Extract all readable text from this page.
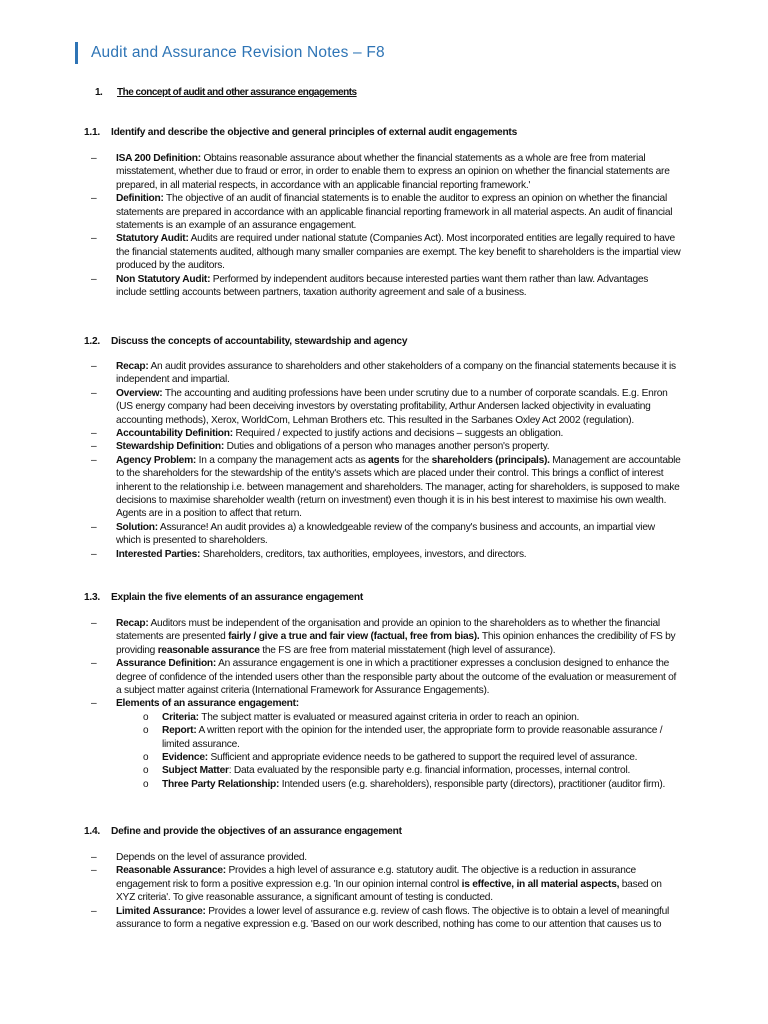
Audit and Assurance Revision Notes – F8
1. The concept of audit and other assurance engagements
1.1. Identify and describe the objective and general principles of external audit engagements
– ISA 200 Definition: Obtains reasonable assurance about whether the financial statements as a whole are free from material misstatement, whether due to fraud or error, in order to enable them to express an opinion on whether the financial statements are prepared, in all material respects, in accordance with an applicable financial reporting framework.'
– Definition: The objective of an audit of financial statements is to enable the auditor to express an opinion on whether the financial statements are prepared in accordance with an applicable financial reporting framework in all material aspects. An audit of financial statements is an example of an assurance engagement.
– Statutory Audit: Audits are required under national statute (Companies Act). Most incorporated entities are legally required to have the financial statements audited, although many smaller companies are exempt. The key benefit to shareholders is the impartial view produced by the auditors.
– Non Statutory Audit: Performed by independent auditors because interested parties want them rather than law. Advantages include settling accounts between partners, taxation authority agreement and sale of a business.
1.2. Discuss the concepts of accountability, stewardship and agency
– Recap: An audit provides assurance to shareholders and other stakeholders of a company on the financial statements because it is independent and impartial.
– Overview: The accounting and auditing professions have been under scrutiny due to a number of corporate scandals. E.g. Enron (US energy company had been deceiving investors by overstating profitability, Arthur Andersen lacked objectivity in evaluating accounting methods), Xerox, WorldCom, Lehman Brothers etc. This resulted in the Sarbanes Oxley Act 2002 (regulation).
– Accountability Definition: Required / expected to justify actions and decisions – suggests an obligation.
– Stewardship Definition: Duties and obligations of a person who manages another person's property.
– Agency Problem: In a company the management acts as agents for the shareholders (principals). Management are accountable to the shareholders for the stewardship of the entity's assets which are placed under their control. This brings a conflict of interest inherent to the relationship i.e. between management and shareholders. The manager, acting for shareholders, is supposed to make decisions to maximise shareholder wealth (return on investment) even though it is in his best interest to maximise his own wealth. Agents are in a position to affect that return.
– Solution: Assurance! An audit provides a) a knowledgeable review of the company's business and accounts, an impartial view which is presented to shareholders.
– Interested Parties: Shareholders, creditors, tax authorities, employees, investors, and directors.
1.3. Explain the five elements of an assurance engagement
– Recap: Auditors must be independent of the organisation and provide an opinion to the shareholders as to whether the financial statements are presented fairly / give a true and fair view (factual, free from bias). This opinion enhances the credibility of FS by providing reasonable assurance the FS are free from material misstatement (high level of assurance).
– Assurance Definition: An assurance engagement is one in which a practitioner expresses a conclusion designed to enhance the degree of confidence of the intended users other than the responsible party about the outcome of the evaluation or measurement of a subject matter against criteria (International Framework for Assurance Engagements).
– Elements of an assurance engagement:
o Criteria: The subject matter is evaluated or measured against criteria in order to reach an opinion.
o Report: A written report with the opinion for the intended user, the appropriate form to provide reasonable assurance / limited assurance.
o Evidence: Sufficient and appropriate evidence needs to be gathered to support the required level of assurance.
o Subject Matter: Data evaluated by the responsible party e.g. financial information, processes, internal control.
o Three Party Relationship: Intended users (e.g. shareholders), responsible party (directors), practitioner (auditor firm).
1.4. Define and provide the objectives of an assurance engagement
– Depends on the level of assurance provided.
– Reasonable Assurance: Provides a high level of assurance e.g. statutory audit. The objective is a reduction in assurance engagement risk to form a positive expression e.g. 'In our opinion internal control is effective, in all material aspects, based on XYZ criteria'. To give reasonable assurance, a significant amount of testing is conducted.
– Limited Assurance: Provides a lower level of assurance e.g. review of cash flows. The objective is to obtain a level of meaningful assurance to form a negative expression e.g. 'Based on our work described, nothing has come to our attention that causes us to
